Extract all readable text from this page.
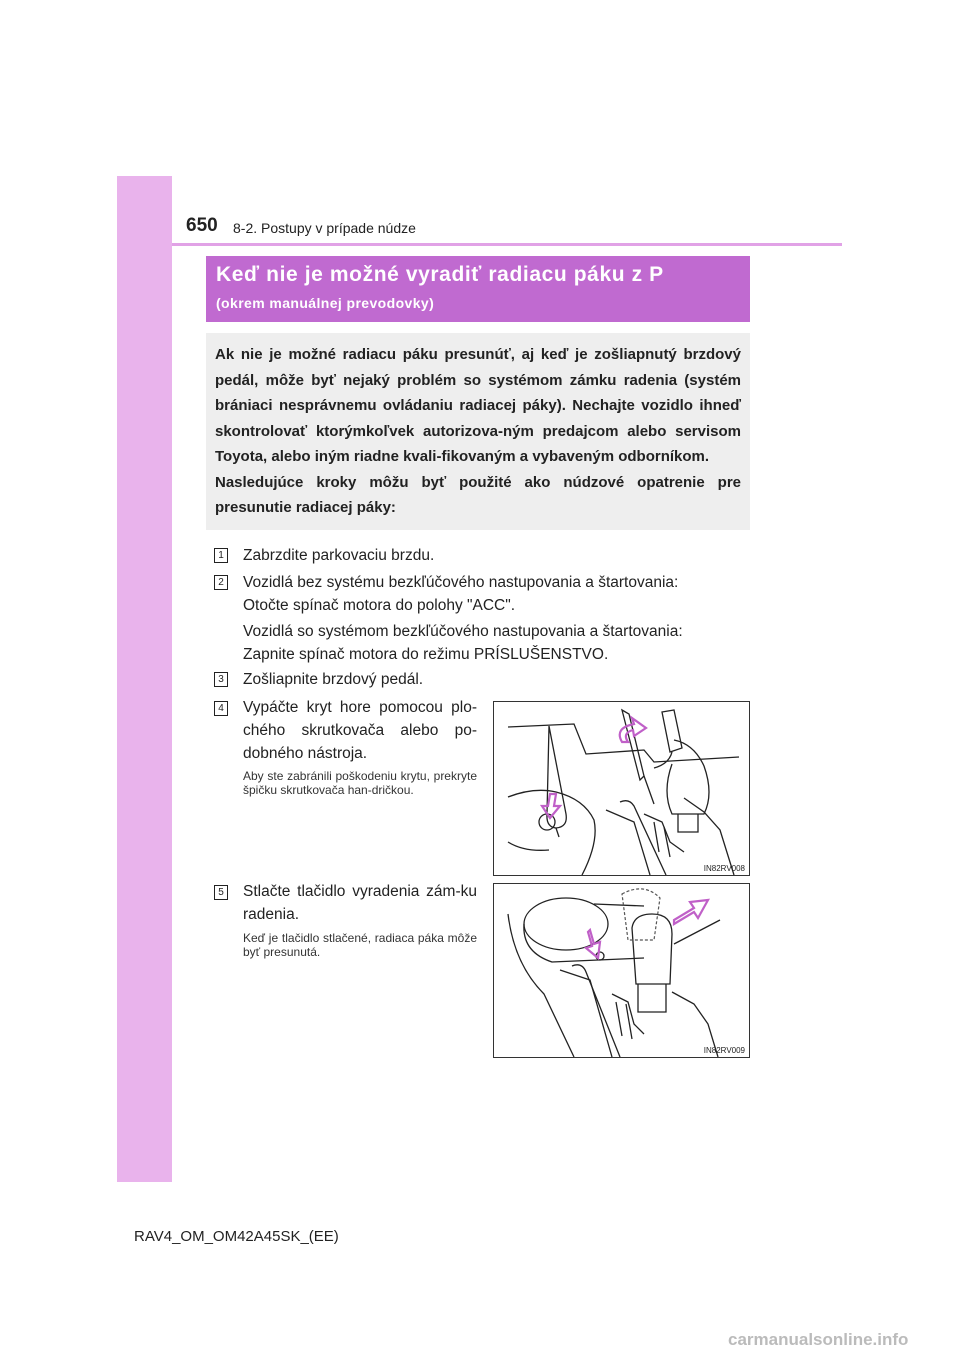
650 8-2. Postupy v prípade núdze
Keď nie je možné vyradiť radiacu páku z P
(okrem manuálnej prevodovky)
Ak nie je možné radiacu páku presunúť, aj keď je zošliapnutý brzdový pedál, môže byť nejaký problém so systémom zámku radenia (systém brániaci nesprávnemu ovládaniu radiacej páky). Nechajte vozidlo ihneď skontrolovať ktorýmkoľvek autorizova-ným predajcom alebo servisom Toyota, alebo iným riadne kvali-fikovaným a vybaveným odborníkom.
Nasledujúce kroky môžu byť použité ako núdzové opatrenie pre presunutie radiacej páky:
1 Zabrzdite parkovaciu brzdu.
2 Vozidlá bez systému bezkľúčového nastupovania a štartovania:
Otočte spínač motora do polohy "ACC".
Vozidlá so systémom bezkľúčového nastupovania a štartovania:
Zapnite spínač motora do režimu PRÍSLUŠENSTVO.
3 Zošliapnite brzdový pedál.
4 Vypáčte kryt hore pomocou plo-chého skrutkovača alebo po-dobného nástroja.
Aby ste zabránili poškodeniu krytu, prekryte špičku skrutkovača han-dričkou.
IN82RV008
5 Stlačte tlačidlo vyradenia zám-ku radenia.
Keď je tlačidlo stlačené, radiaca páka môže byť presunutá.
IN82RV009
RAV4_OM_OM42A45SK_(EE)
carmanualsonline.info
